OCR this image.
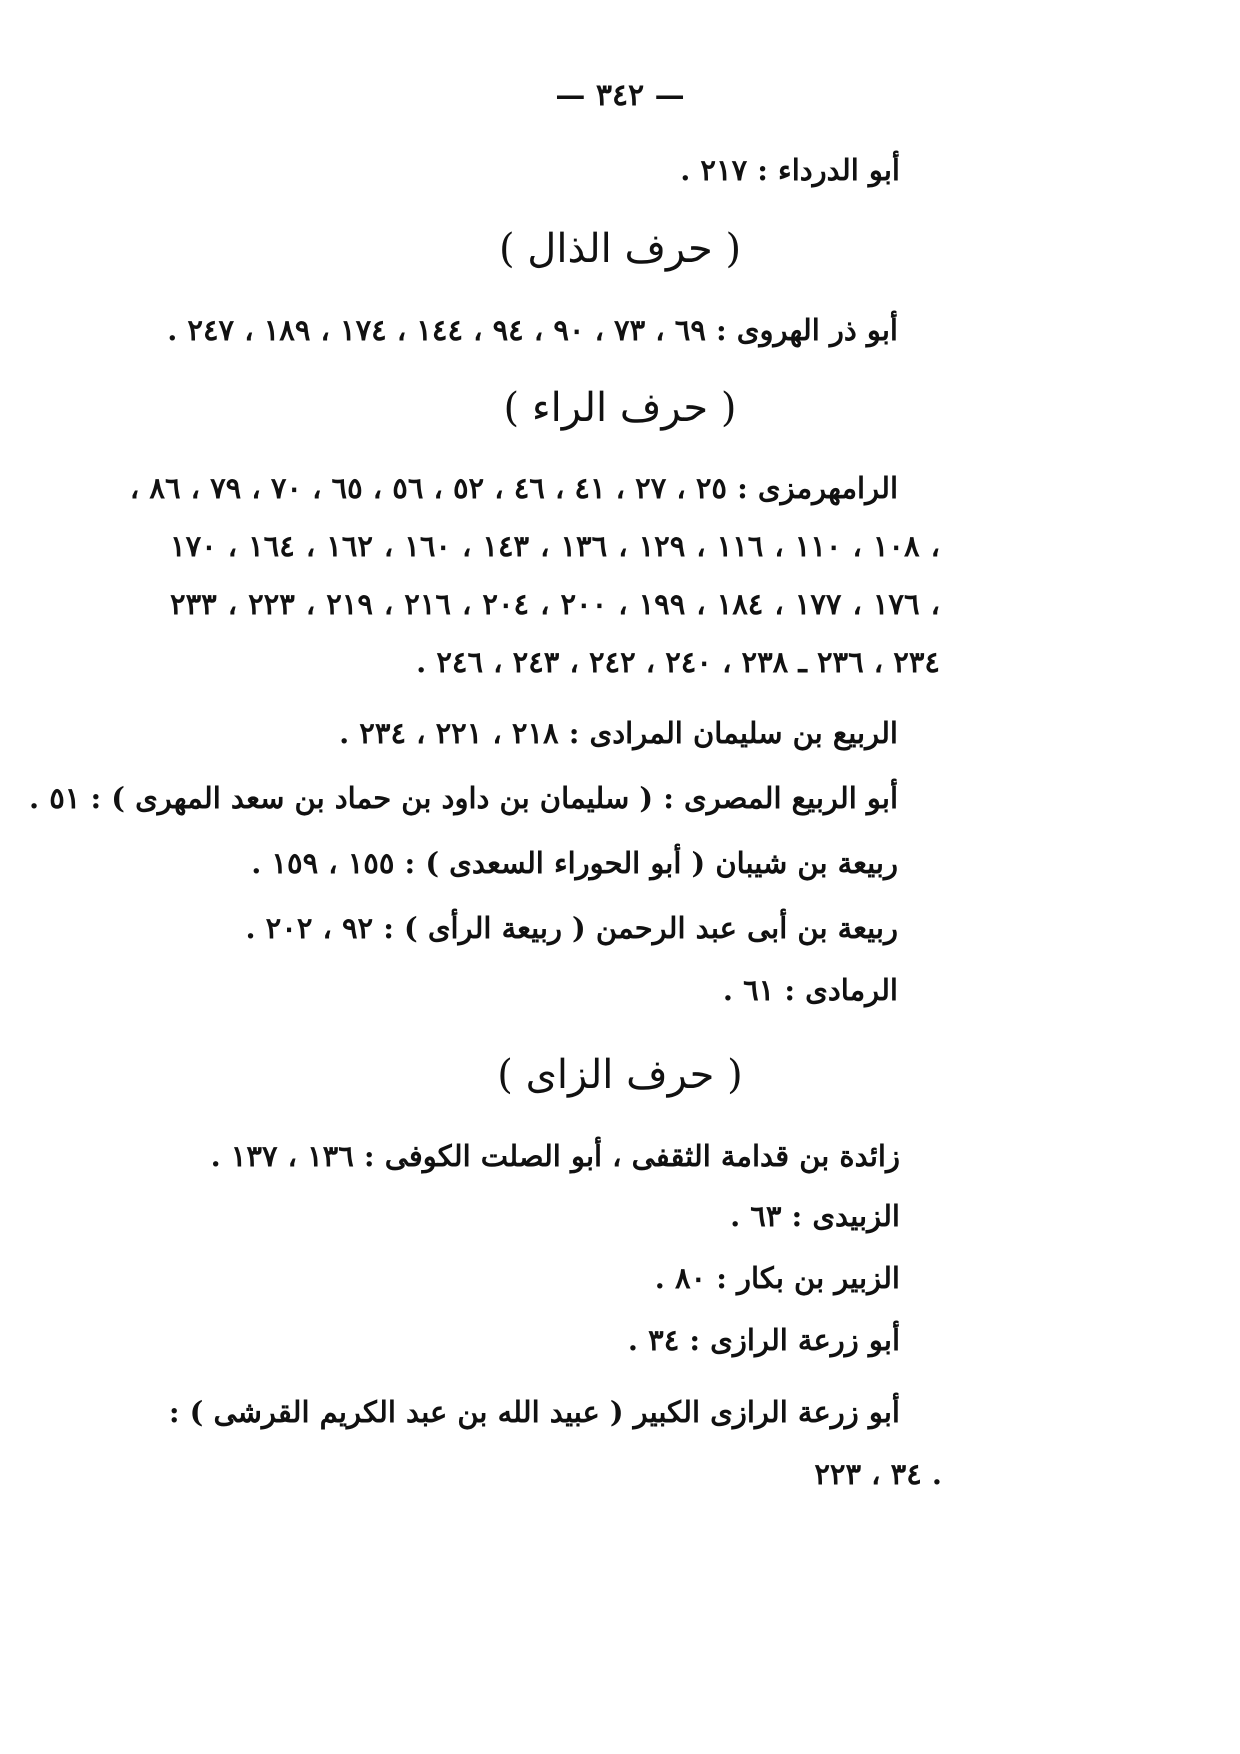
— ٣٤٢ —
أبو الدرداء : ٢١٧ .
( حرف الذال )
أبو ذر الهروى : ٦٩ ، ٧٣ ، ٩٠ ، ٩٤ ، ١٤٤ ، ١٧٤ ، ١٨٩ ، ٢٤٧ .
( حرف الراء )
الرامهرمزى : ٢٥ ، ٢٧ ، ٤١ ، ٤٦ ، ٥٢ ، ٥٦ ، ٦٥ ، ٧٠ ، ٧٩ ، ٨٦ ،
١٠٨ ، ١١٠ ، ١١٦ ، ١٢٩ ، ١٣٦ ، ١٤٣ ، ١٦٠ ، ١٦٢ ، ١٦٤ ، ١٧٠ ،
١٧٦ ، ١٧٧ ، ١٨٤ ، ١٩٩ ، ٢٠٠ ، ٢٠٤ ، ٢١٦ ، ٢١٩ ، ٢٢٣ ، ٢٣٣ ،
٢٣٤ ، ٢٣٦ ـ ٢٣٨ ، ٢٤٠ ، ٢٤٢ ، ٢٤٣ ، ٢٤٦ .
الربيع بن سليمان المرادى : ٢١٨ ، ٢٢١ ، ٢٣٤ .
أبو الربيع المصرى : ( سليمان بن داود بن حماد بن سعد المهرى ) : ٥١ .
ربيعة بن شيبان ( أبو الحوراء السعدى ) : ١٥٥ ، ١٥٩ .
ربيعة بن أبى عبد الرحمن ( ربيعة الرأى ) : ٩٢ ، ٢٠٢ .
الرمادى : ٦١ .
( حرف الزاى )
زائدة بن قدامة الثقفى ، أبو الصلت الكوفى : ١٣٦ ، ١٣٧ .
الزبيدى : ٦٣ .
الزبير بن بكار : ٨٠ .
أبو زرعة الرازى : ٣٤ .
أبو زرعة الرازى الكبير ( عبيد الله بن عبد الكريم القرشى ) :
٣٤ ، ٢٢٣ .
